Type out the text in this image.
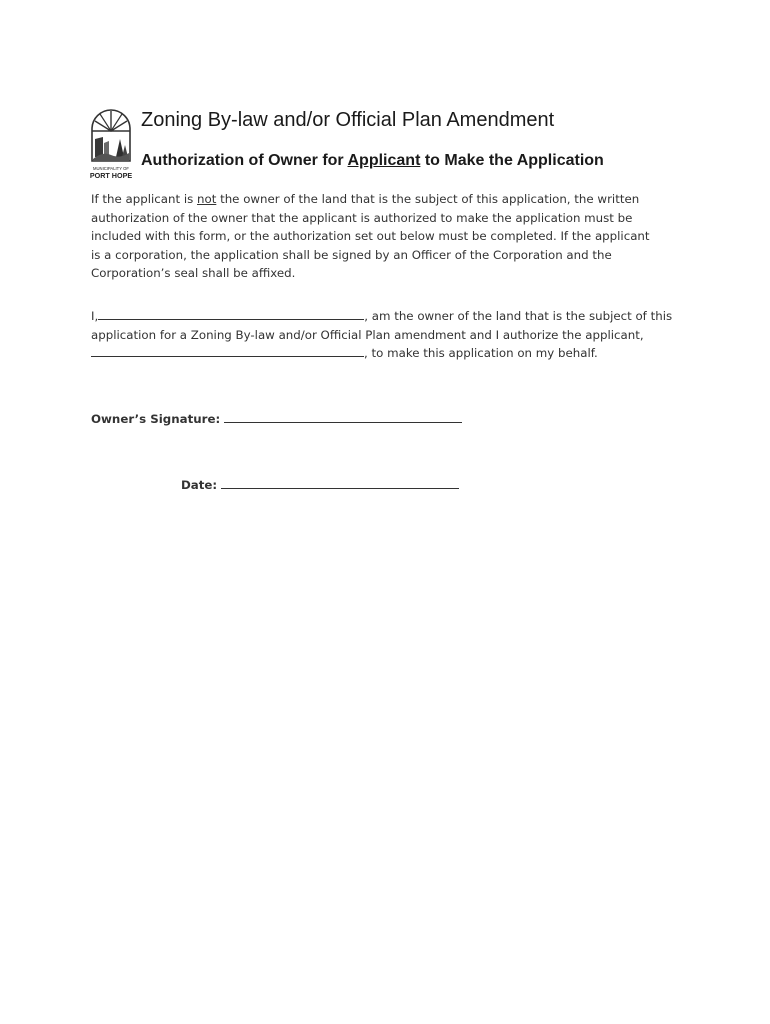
MUNICIPALITY OF
PORT HOPE
Zoning By-law and/or Official Plan Amendment
Authorization of Owner for Applicant to Make the Application

If the applicant is not the owner of the land that is the subject of this application, the written
authorization of the owner that the applicant is authorized to make the application must be
included with this form, or the authorization set out below must be completed. If the applicant
is a corporation, the application shall be signed by an Officer of the Corporation and the
Corporation’s seal shall be affixed.

I,	, am the owner of the land that is the subject of this
application for a Zoning By-law and/or Official Plan amendment and I authorize the applicant,
, to make this application on my behalf.

Owner’s Signature:

Date:
